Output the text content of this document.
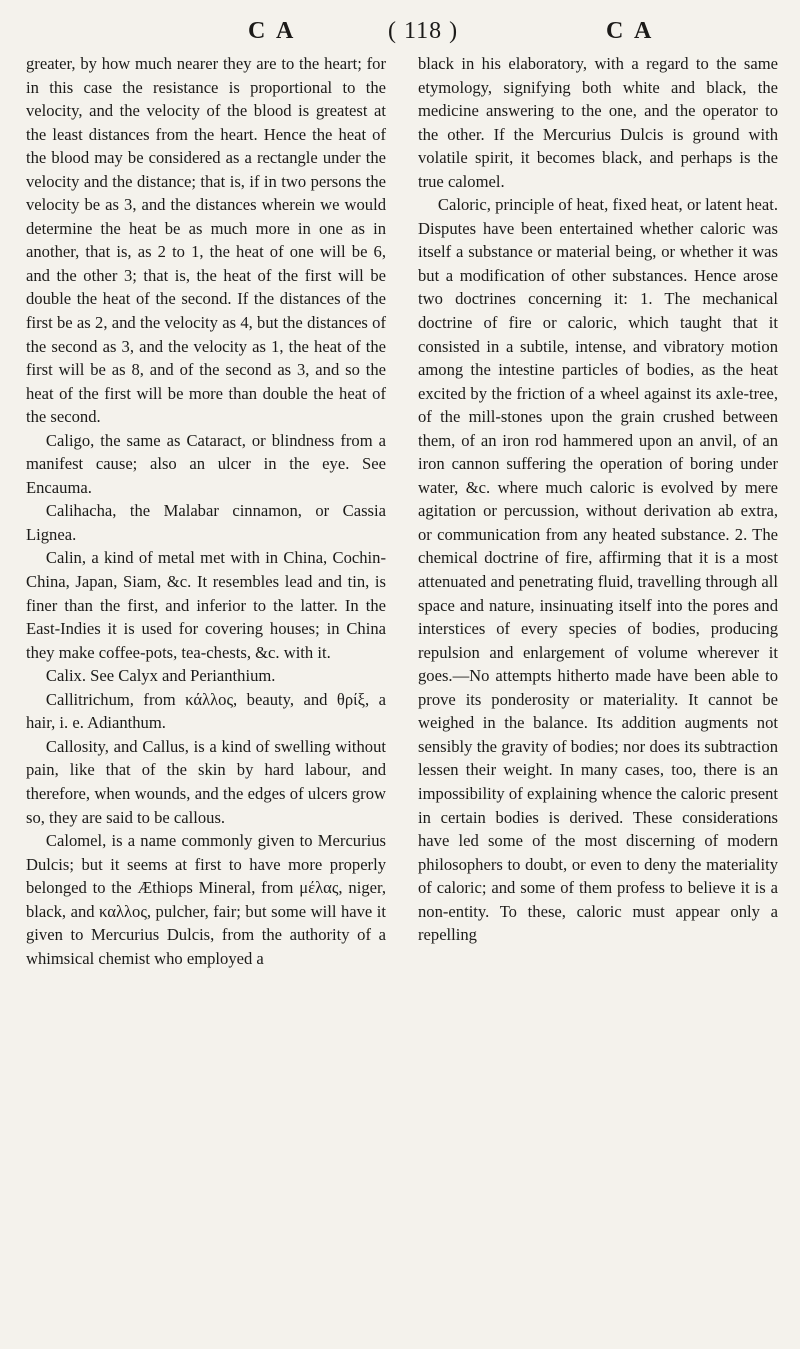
C A	( 118 )	C A

greater, by how much nearer they are to the heart; for in this case the resistance is proportional to the velocity, and the velocity of the blood is greatest at the least distances from the heart. Hence the heat of the blood may be considered as a rectangle under the velocity and the distance; that is, if in two persons the velocity be as 3, and the distances wherein we would determine the heat be as much more in one as in another, that is, as 2 to 1, the heat of one will be 6, and the other 3; that is, the heat of the first will be double the heat of the second. If the distances of the first be as 2, and the velocity as 4, but the distances of the second as 3, and the velocity as 1, the heat of the first will be as 8, and of the second as 3, and so the heat of the first will be more than double the heat of the second.

Caligo, the same as Cataract, or blindness from a manifest cause; also an ulcer in the eye. See Encauma.

Calihacha, the Malabar cinnamon, or Cassia Lignea.

Calin, a kind of metal met with in China, Cochin-China, Japan, Siam, &c. It resembles lead and tin, is finer than the first, and inferior to the latter. In the East-Indies it is used for covering houses; in China they make coffee-pots, tea-chests, &c. with it.

Calix. See Calyx and Perianthium.

Callitrichum, from κάλλος, beauty, and θρίξ, a hair, i. e. Adianthum.

Callosity, and Callus, is a kind of swelling without pain, like that of the skin by hard labour, and therefore, when wounds, and the edges of ulcers grow so, they are said to be callous.

Calomel, is a name commonly given to Mercurius Dulcis; but it seems at first to have more properly belonged to the Æthiops Mineral, from μέλας, niger, black, and καλλος, pulcher, fair; but some will have it given to Mercurius Dulcis, from the authority of a whimsical chemist who employed a

black in his elaboratory, with a regard to the same etymology, signifying both white and black, the medicine answering to the one, and the operator to the other. If the Mercurius Dulcis is ground with volatile spirit, it becomes black, and perhaps is the true calomel.

Caloric, principle of heat, fixed heat, or latent heat. Disputes have been entertained whether caloric was itself a substance or material being, or whether it was but a modification of other substances. Hence arose two doctrines concerning it: 1. The mechanical doctrine of fire or caloric, which taught that it consisted in a subtile, intense, and vibratory motion among the intestine particles of bodies, as the heat excited by the friction of a wheel against its axle-tree, of the mill-stones upon the grain crushed between them, of an iron rod hammered upon an anvil, of an iron cannon suffering the operation of boring under water, &c. where much caloric is evolved by mere agitation or percussion, without derivation ab extra, or communication from any heated substance. 2. The chemical doctrine of fire, affirming that it is a most attenuated and penetrating fluid, travelling through all space and nature, insinuating itself into the pores and interstices of every species of bodies, producing repulsion and enlargement of volume wherever it goes.—No attempts hitherto made have been able to prove its ponderosity or materiality. It cannot be weighed in the balance. Its addition augments not sensibly the gravity of bodies; nor does its subtraction lessen their weight. In many cases, too, there is an impossibility of explaining whence the caloric present in certain bodies is derived. These considerations have led some of the most discerning of modern philosophers to doubt, or even to deny the materiality of caloric; and some of them profess to believe it is a non-entity. To these, caloric must appear only a repelling
